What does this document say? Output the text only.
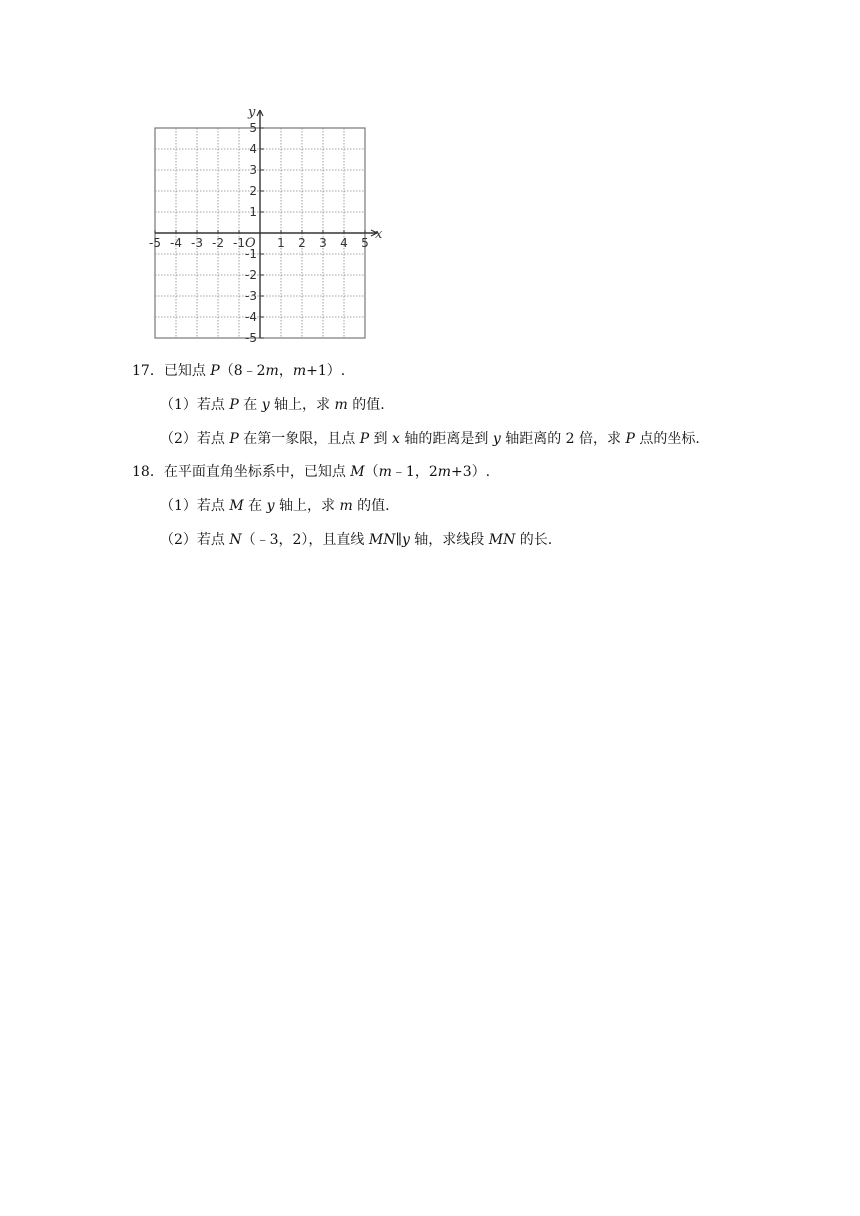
-5 -4 -3 -2 -1	1 2 3 4 5
5
4
3
2
1
-1
-2
-3
-4
-5
x
y
O
17．已知点 P（8﹣2m，m+1）.
（1）若点 P 在 y 轴上，求 m 的值.
（2）若点 P 在第一象限，且点 P 到 x 轴的距离是到 y 轴距离的 2 倍，求 P 点的坐标.
18．在平面直角坐标系中，已知点 M（m﹣1，2m+3）.
（1）若点 M 在 y 轴上，求 m 的值.
（2）若点 N（﹣3，2），且直线 MN∥y 轴，求线段 MN 的长.
